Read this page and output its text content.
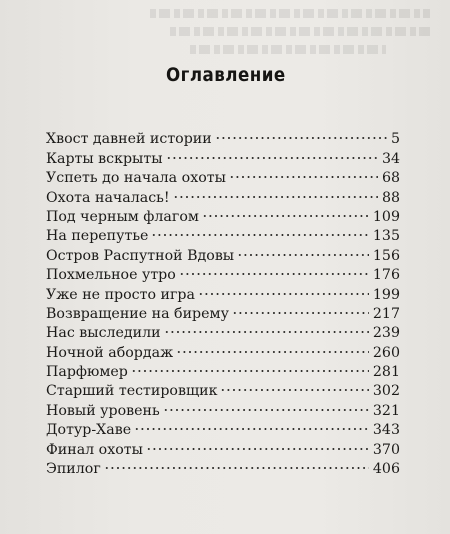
Оглавление
Хвост давней истории	5
Карты вскрыты	34
Успеть до начала охоты	68
Охота началась!	88
Под черным флагом	109
На перепутье	135
Остров Распутной Вдовы	156
Похмельное утро	176
Уже не просто игра	199
Возвращение на бирему	217
Нас выследили	239
Ночной абордаж	260
Парфюмер	281
Старший тестировщик	302
Новый уровень	321
Дотур-Хаве	343
Финал охоты	370
Эпилог	406
